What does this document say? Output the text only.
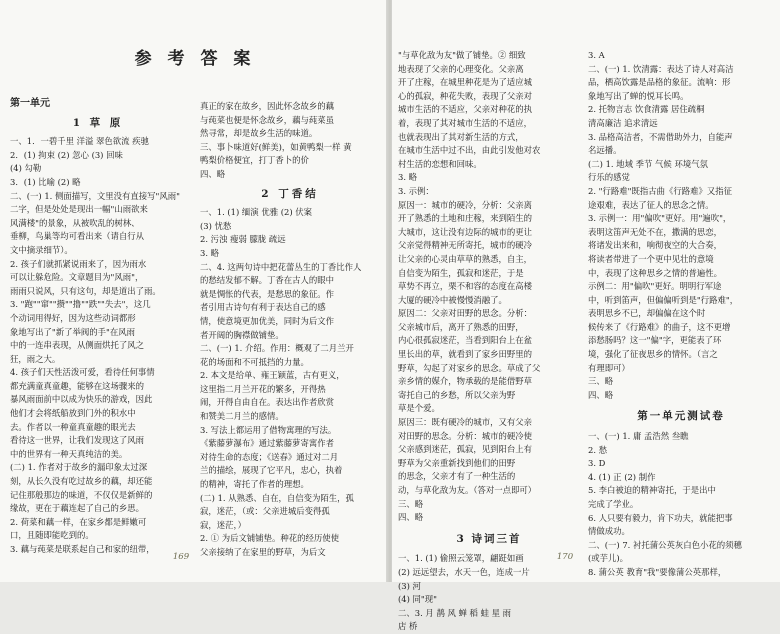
参 考 答 案
第一单元
1 草 原
一、1．一碧千里 洋溢 翠色欲流 疾驰
2．(1) 拘束 (2) 忽心 (3) 回味
(4) 勾勒
3．(1) 比喻 (2) 略
二、(一) 1. 侧面描写，文里没有直接写"风雨"
二字，但是处处是现出一幅"山雨欲来
风满楼"的景象，从被吹乱的树林、
垂柳，鸟巢等均可看出来（请自行从
文中摘录细节）。
2. 孩子们就抓紧说雨来了，因为雨水
可以让躲危险。文章题目为"风雨"，
雨雨只说风，只有这句，却是道出了雨。
3. "跑""窜""攒""撸""跌""失去"，这几
个动词用得好，因为这些动词都形
象地写出了"新了举阀的手"在风雨
中的一连串表现，从侧面烘托了风之
狂，雨之大。
4. 孩子们天性活泼可爱，看待任何事情
都充满童真童趣，能够在这场骤来的
暴风雨面前中以成为快乐的游戏，因此
他们才会将纸船放到门外的积水中
去。作者以一种童真童趣的眼光去
看待这一世界，让我们发现这了风雨
中的世界有一种天真纯洁的美。
(二) 1. 作者对于故乡的漏印象太过深
刻，从长久没有吃过故乡的藕，却还能
记住那般那边的味道，不仅仅是新鲜的
缘故，更在于藕连起了自己的乡思。
2. 荷菜和藕一样，在家乡都是鲜嫩可
口，且随即能吃到的。
3. 藕与莼菜是联系起自己和家的纽带，
真正的家在故乡，因此怀念故乡的藕
与莼菜也便是怀念故乡，藕与莼菜虽
然寻常，却是故乡生活的味道。
三、事卜味道好(鲜美)，如黄鸭梨一样 黄
鸭梨价格便宜，打丁香卜的价
四、略
2 丁香结
一、1. (1) 缅演 优雅 (2) 伏案
(3) 忧愁
2. 污浊 瘦弱 朦胧 疏远
3. 略
二、4. 这两句诗中把花蕾丛生的丁香比作人
的愁结发郁不解。丁香在古人的眼中
就是惆怅的代表，是愁思的象征。作
者引用古诗句有利于表达自己的感
情，使意境更加优美，同时为后文作
者开阔的胸襟做铺垫。
二、(一) 1. 介绍。作用：概观了二月兰开
花的场面和不可抵挡的力量。
2. 本文是给单、雍王颖蓝，古有更义，
这里指二月兰开花的繁多，开得热
闹，开得自由自在。表达出作者欣赏
和赞美二月兰的感情。
3. 写法上都运用了借物寓理的写法。
《紫藤萝瀑布》通过紫藤萝寄寓作者
对待生命的态度；《送春》通过对二月
兰的描绘，展现了它平凡，忠心，执着
的精神，寄托了作者的理想。
(二) 1. 从熟悉、自在，自信变为陌生，孤
寂，迷茫，（或：父亲进城后变得孤
寂，迷茫，）
2. ① 为后文铺铺垫。种花的经历使使
父亲接纳了在家里的野草，为后文
169
"与草化敌为友"做了铺垫。② 细致
地表现了父亲的心理变化。父亲离
开了庄稼，在城里种花是为了适应城
心的孤寂，种花失败，表现了父亲对
城市生活的不适应，父亲对种花的执
着，表现了其对城市生活的不适应，
也就表现出了其对新生活的方式，
在城市生活中过不出，由此引发他对农
村生活的恋想和回味。
3. 略
3. 示例：
原因一：城市的硬冷，分析：父亲离
开了熟悉的土地和庄稼，来到陌生的
大城市，这让没有边际的城市的更让
父亲觉得精神无所寄托，城市的硬冷
让父亲的心灵由草草的熟悉，自主，
自信变为陌生，孤寂和迷茫，于是
草势不再立，栗不和容的态度在高楼
大厦的硬冷中被慢慢消融了。
原因二：父亲对田野的思念。分析：
父亲城市后，离开了熟悉的田野，
内心很孤寂迷茫，当看到阳台上在盆
里长出的草，就看到了家乡田野里的
野草，勾起了对家乡的思念。草成了父
亲乡情的媒介，物承载的是能借野草
寄托自己的乡愁，所以父亲为野
草是个爱。
原因三：既有硬冷的城市，又有父亲
对田野的思念。分析：城市的硬冷使
父亲感到迷茫，孤寂，见到阳台上有
野草为父亲重新找到他们的田野
的思念，父亲才有了一种生活的
动，与草化敌为友。（答对一点即可）
三、略
四、略
3 诗词三首
一、1. (1) 偷照云笼罩，翩跹如画
(2) 远远望去，水天一色，连成一片
(3) 河
(4) 同"现"
二、3. 月 鹊 风 蝉 稻 蛙 星 雨
店 桥
3. A
二、(一) 1. 饮清露：表达了诗人对高洁
品，栖高饮露是品格的象征。流响：形
象地写出了蝉的悦耳长鸣。
2. 托物言志 饮食清露 居住疏桐
清高廉洁 追求清远
3. 品格高洁者，不需借助外力，自能声
名远播。
(二) 1. 地域 季节 气候 环境气氛
行乐的感觉
2. "行路难"既指古曲《行路难》又指征
途艰难，表达了征人的思念之情。
3. 示例一：用"偏吹"更好。用"遍吹"，
表明这笛声无处不在，撒满的思恋，
将诸发出来和，响彻夜空的大合奏，
将读者带进了一个更中见壮的意境
中，表现了这种思乡之情的普遍性。
示例二：用"偏吹"更好。明明行军途
中，听到笛声，但偏偏听到是"行路难"，
表明思乡不已，却偏偏在这个时
候传来了《行路难》的曲子，这不更增
添愁肠吗？这一"偏"字，更能表了环
境，强化了征夜思乡的情怀。（言之
有理即可）
三、略
四、略
第一单元测试卷
一、(一) 1. 庸 孟浩然 叁瞧
2. 愁
3. D
4. (1) 正 (2) 制作
5. 李白被迫的精神寄托，于是出中
完成了学业。
6. 人只要有毅力，肯下功夫，就能把事
情做成功。
二、(一) 7. 衬托蒲公英灰白色小花的须穗
(或芋儿)。
8. 蒲公英 教育"我"要像蒲公英那样，
170
